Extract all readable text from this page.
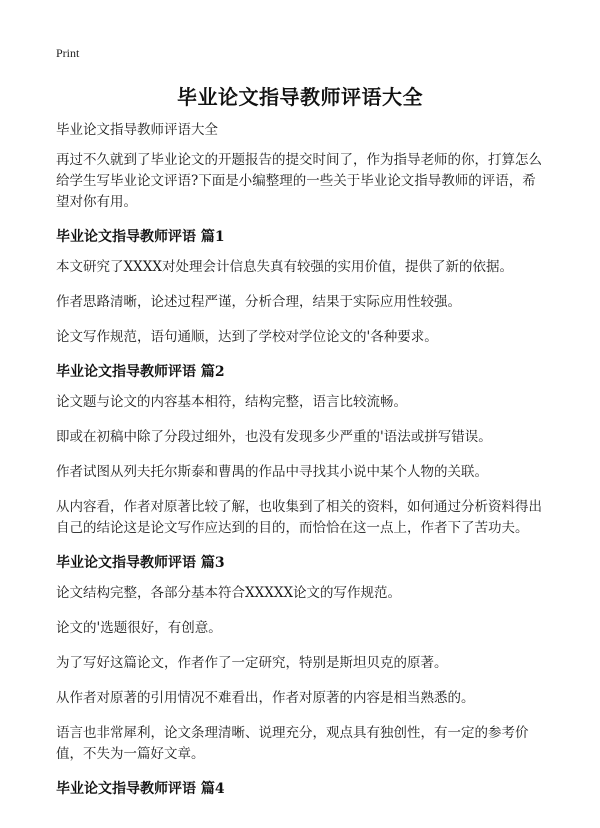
Print
毕业论文指导教师评语大全

毕业论文指导教师评语大全

再过不久就到了毕业论文的开题报告的提交时间了，作为指导老师的你，打算怎么给学生写毕业论文评语?下面是小编整理的一些关于毕业论文指导教师的评语，希望对你有用。

毕业论文指导教师评语 篇1

本文研究了XXXX对处理会计信息失真有较强的实用价值，提供了新的依据。

作者思路清晰，论述过程严谨，分析合理，结果于实际应用性较强。

论文写作规范，语句通顺，达到了学校对学位论文的'各种要求。

毕业论文指导教师评语 篇2

论文题与论文的内容基本相符，结构完整，语言比较流畅。

即或在初稿中除了分段过细外，也没有发现多少严重的'语法或拼写错误。

作者试图从列夫托尔斯泰和曹禺的作品中寻找其小说中某个人物的关联。

从内容看，作者对原著比较了解，也收集到了相关的资料，如何通过分析资料得出自己的结论这是论文写作应达到的目的，而恰恰在这一点上，作者下了苦功夫。

毕业论文指导教师评语 篇3

论文结构完整，各部分基本符合XXXXX论文的写作规范。

论文的'选题很好，有创意。

为了写好这篇论文，作者作了一定研究，特别是斯坦贝克的原著。

从作者对原著的引用情况不难看出，作者对原著的内容是相当熟悉的。

语言也非常犀利，论文条理清晰、说理充分，观点具有独创性，有一定的参考价值，不失为一篇好文章。

毕业论文指导教师评语 篇4
